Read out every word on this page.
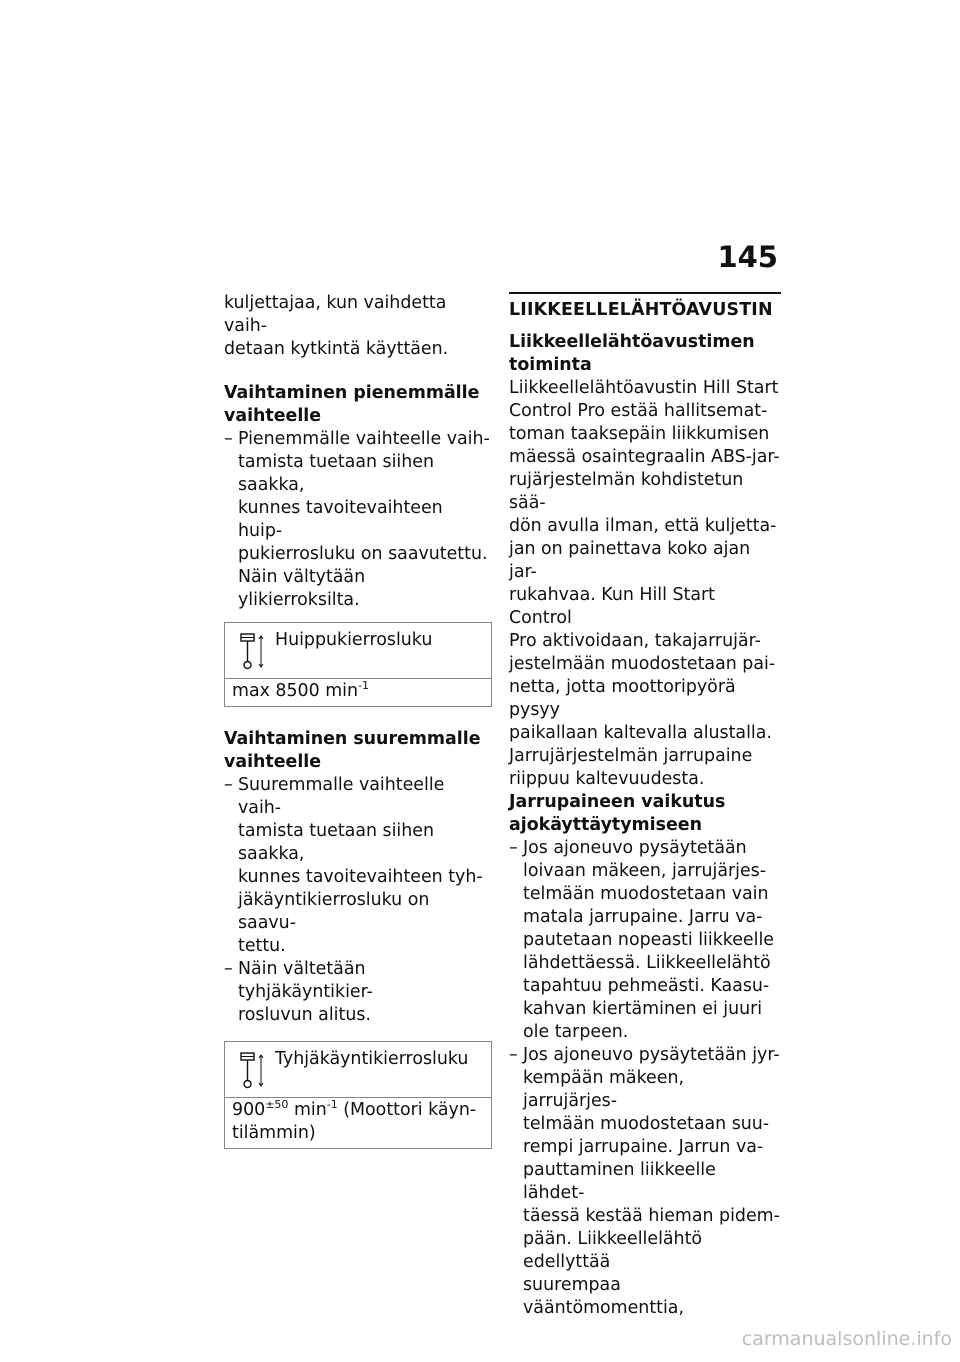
145

kuljettajaa, kun vaihdetta vaih-
detaan kytkintä käyttäen.

Vaihtaminen pienemmälle
vaihteelle

– Pienemmälle vaihteelle vaih-
tamista tuetaan siihen saakka,
kunnes tavoitevaihteen huip-
pukierrosluku on saavutettu.
Näin vältytään ylikierroksilta.
Huippukierrosluku
max 8500 $\min^{-1}$

Vaihtaminen suuremmalle
vaihteelle

– Suuremmalle vaihteelle vaih-
tamista tuetaan siihen saakka,
kunnes tavoitevaihteen tyh-
jäkäyntikierrosluku on saavu-
tettu.
– Näin vältetään tyhjäkäyntikier-
rosluvun alitus.
Tyhjäkäyntikierrosluku
$900^{\pm 50}$ $\min^{-1}$ (Moottori käyn-
tilämmin)
LIIKKEELLELÄHTÖAVUSTIN

Liikkeellelähtöavustimen
toiminta

Liikkeellelähtöavustin Hill Start
Control Pro estää hallitsemat-
toman taaksepäin liikkumisen
mäessä osaintegraalin ABS-jar-
rujärjestelmän kohdistetun sää-
dön avulla ilman, että kuljetta-
jan on painettava koko ajan jar-
rukahvaa. Kun Hill Start Control
Pro aktivoidaan, takajarrujär-
jestelmään muodostetaan pai-
netta, jotta moottoripyörä pysyy
paikallaan kaltevalla alustalla.
Jarrujärjestelmän jarrupaine
riippuu kaltevuudesta.

Jarrupaineen vaikutus
ajokäyttäytymiseen

– Jos ajoneuvo pysäytetään
loivaan mäkeen, jarrujärjes-
telmään muodostetaan vain
matala jarrupaine. Jarru va-
pautetaan nopeasti liikkeelle
lähdettäessä. Liikkeellelähtö
tapahtuu pehmeästi. Kaasu-
kahvan kiertäminen ei juuri
ole tarpeen.
– Jos ajoneuvo pysäytetään jyr-
kempään mäkeen, jarrujärjes-
telmään muodostetaan suu-
rempi jarrupaine. Jarrun va-
pauttaminen liikkeelle lähdet-
täessä kestää hieman pidem-
pään. Liikkeellelähtö edellyttää
suurempaa vääntömomenttia,
carmanualsonline.info
